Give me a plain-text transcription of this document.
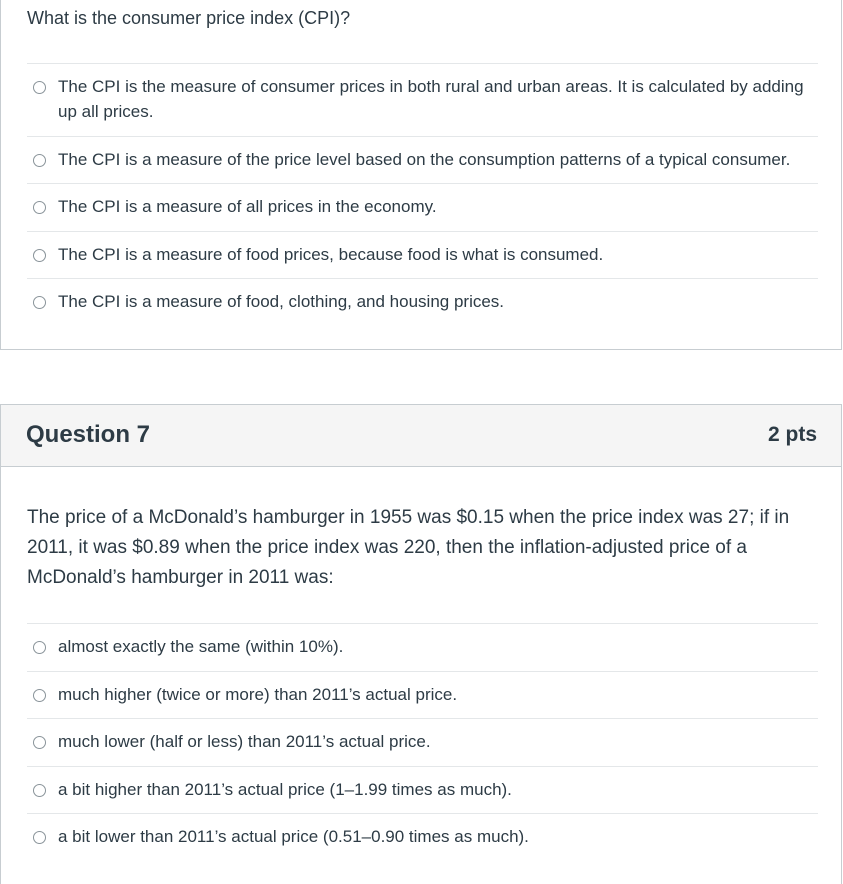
What is the consumer price index (CPI)?
The CPI is the measure of consumer prices in both rural and urban areas. It is calculated by adding up all prices.
The CPI is a measure of the price level based on the consumption patterns of a typical consumer.
The CPI is a measure of all prices in the economy.
The CPI is a measure of food prices, because food is what is consumed.
The CPI is a measure of food, clothing, and housing prices.
Question 7	2 pts
The price of a McDonald’s hamburger in 1955 was $0.15 when the price index was 27; if in 2011, it was $0.89 when the price index was 220, then the inflation-adjusted price of a McDonald’s hamburger in 2011 was:
almost exactly the same (within 10%).
much higher (twice or more) than 2011’s actual price.
much lower (half or less) than 2011’s actual price.
a bit higher than 2011’s actual price (1–1.99 times as much).
a bit lower than 2011’s actual price (0.51–0.90 times as much).
